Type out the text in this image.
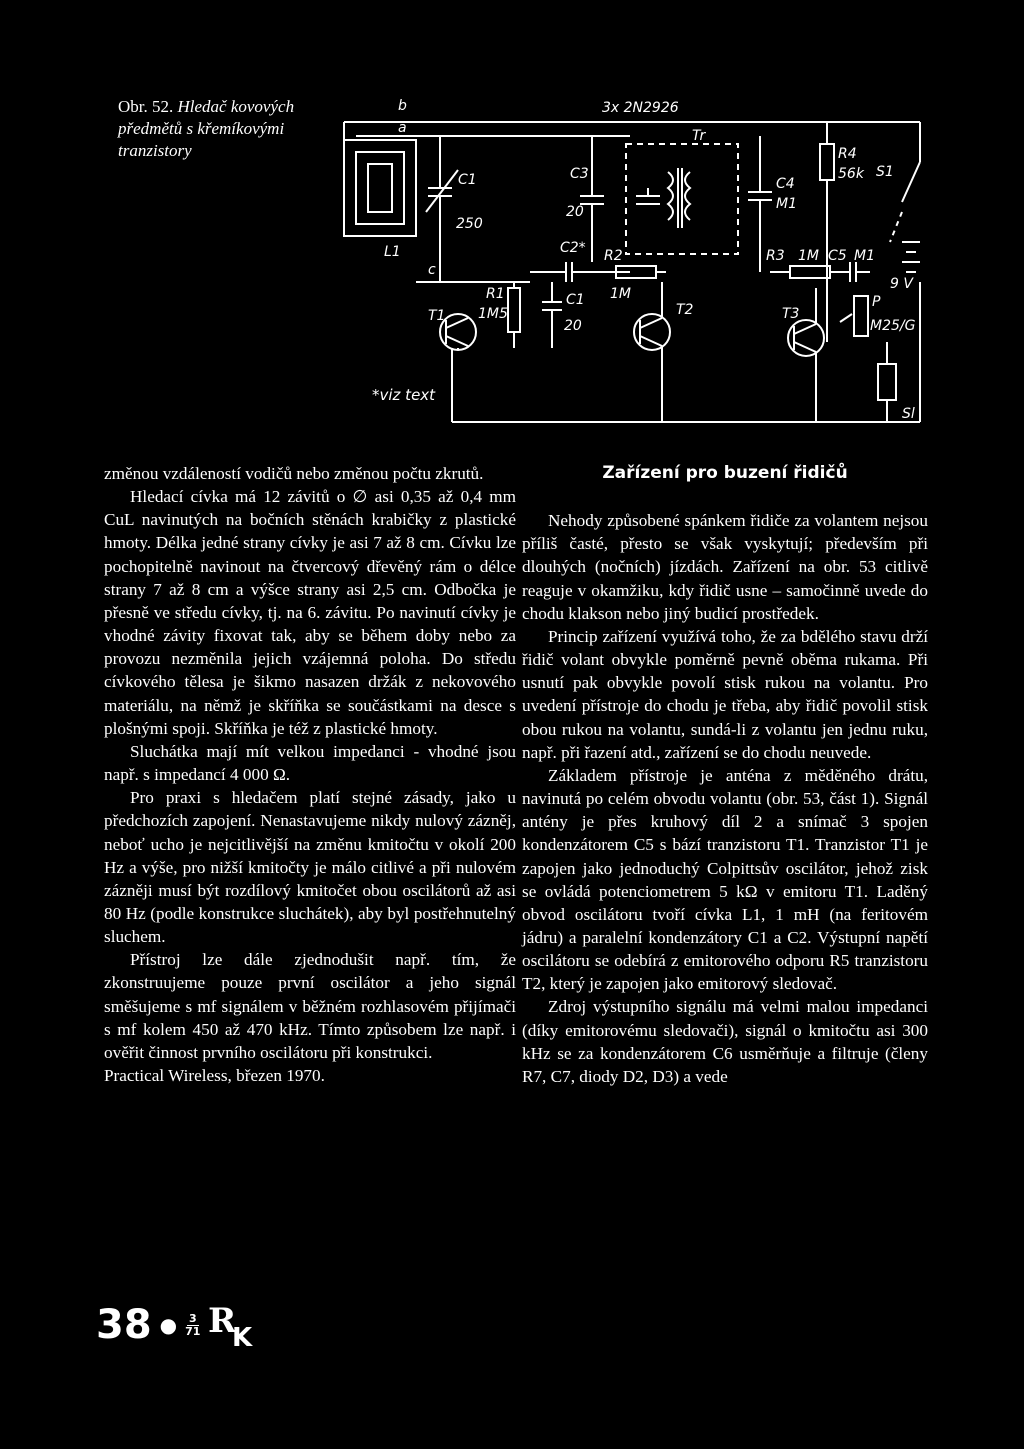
Obr. 52. Hledač kovových předmětů s křemíkovými tranzistory
b
a
c
3x 2N2926
Tr
C1
250
C3
20
C2*
C1
20
C4
M1
R4
56k S1
R2
1M
R3 1M C5 M1
9 V
R1
1M5
P
M25/G
L1
T1	T2	T3
Sl
*viz text

změnou vzdáleností vodičů nebo změnou počtu zkrutů.

Hledací cívka má 12 závitů o ∅ asi 0,35 až 0,4 mm CuL navinutých na bočních stěnách krabičky z plastické hmoty. Délka jedné strany cívky je asi 7 až 8 cm. Cívku lze pochopitelně navinout na čtvercový dřevěný rám o délce strany 7 až 8 cm a výšce strany asi 2,5 cm. Odbočka je přesně ve středu cívky, tj. na 6. závitu. Po navinutí cívky je vhodné závity fixovat tak, aby se během doby nebo za provozu nezměnila jejich vzájemná poloha. Do středu cívkového tělesa je šikmo nasazen držák z nekovového materiálu, na němž je skříňka se součástkami na desce s plošnými spoji. Skříňka je též z plastické hmoty.

Sluchátka mají mít velkou impedanci - vhodné jsou např. s impedancí 4 000 Ω.

Pro praxi s hledačem platí stejné zásady, jako u předchozích zapojení. Nenastavujeme nikdy nulový zázněj, neboť ucho je nejcitlivější na změnu kmitočtu v okolí 200 Hz a výše, pro nižší kmitočty je málo citlivé a při nulovém záznějі musí být rozdílový kmitočet obou oscilátorů až asi 80 Hz (podle konstrukce sluchátek), aby byl postřehnutelný sluchem.

Přístroj lze dále zjednodušit např. tím, že zkonstruujeme pouze první oscilátor a jeho signál směšujeme s mf signálem v běžném rozhlasovém přijímači s mf kolem 450 až 470 kHz. Tímto způsobem lze např. i ověřit činnost prvního oscilátoru při konstrukci.

Practical Wireless, březen 1970.

Zařízení pro buzení řidičů

Nehody způsobené spánkem řidiče za volantem nejsou příliš časté, přesto se však vyskytují; především při dlouhých (nočních) jízdách. Zařízení na obr. 53 citlivě reaguje v okamžiku, kdy řidič usne – samočinně uvede do chodu klakson nebo jiný budicí prostředek.

Princip zařízení využívá toho, že za bdělého stavu drží řidič volant obvykle poměrně pevně oběma rukama. Při usnutí pak obvykle povolí stisk rukou na volantu. Pro uvedení přístroje do chodu je třeba, aby řidič povolil stisk obou rukou na volantu, sundá-li z volantu jen jednu ruku, např. při řazení atd., zařízení se do chodu neuvede.

Základem přístroje je anténa z měděného drátu, navinutá po celém obvodu volantu (obr. 53, část 1). Signál antény je přes kruhový díl 2 a snímač 3 spojen kondenzátorem C5 s bází tranzistoru T1. Tranzistor T1 je zapojen jako jednoduchý Colpittsův oscilátor, jehož zisk se ovládá potenciometrem 5 kΩ v emitoru T1. Laděný obvod oscilátoru tvoří cívka L1, 1 mH (na feritovém jádru) a paralelní kondenzátory C1 a C2. Výstupní napětí oscilátoru se odebírá z emitorového odporu R5 tranzistoru T2, který je zapojen jako emitorový sledovač.

Zdroj výstupního signálu má velmi malou impedanci (díky emitorovému sledovači), signál o kmitočtu asi 300 kHz se za kondenzátorem C6 usměrňuje a filtruje (členy R7, C7, diody D2, D3) a vede

38 ● 3
71 R
K
